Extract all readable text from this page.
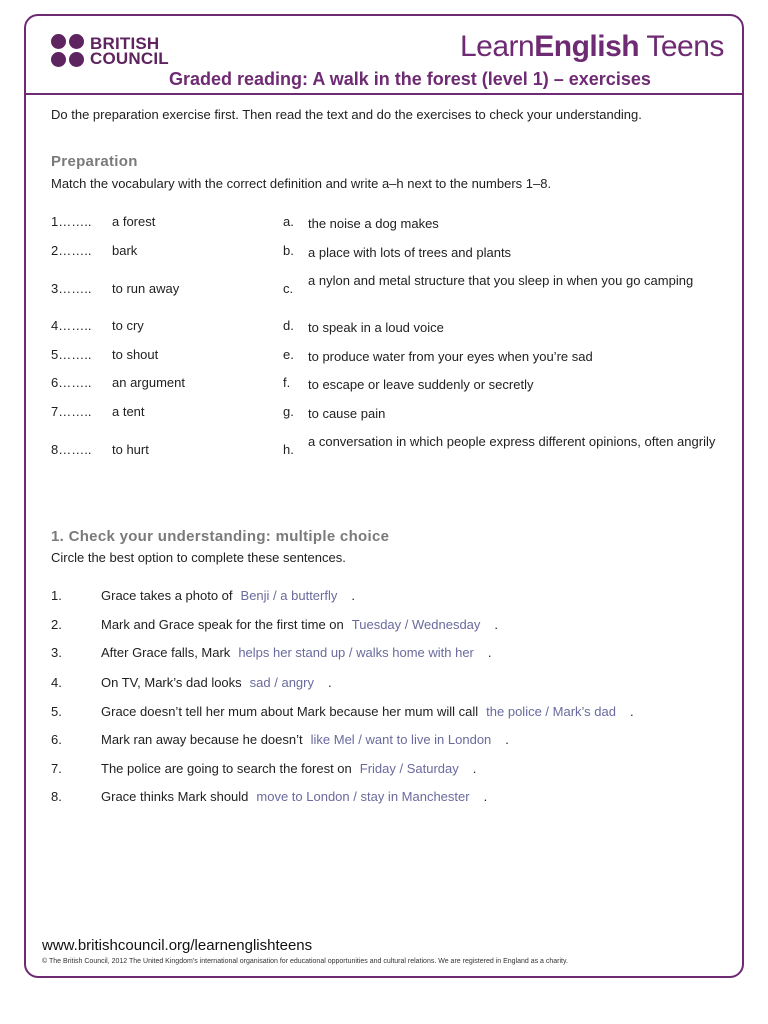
BRITISH
COUNCIL	LearnEnglish Teens
Graded reading: A walk in the forest (level 1) – exercises
Do the preparation exercise first. Then read the text and do the exercises to check your understanding.
Preparation
Match the vocabulary with the correct definition and write a–h next to the numbers 1–8.
1…….. a forest	a. the noise a dog makes
2…….. bark	b. a place with lots of trees and plants
3…….. to run away	c.
a nylon and metal structure that you sleep in when you go camping
4…….. to cry	d. to speak in a loud voice
5…….. to shout	e. to produce water from your eyes when you’re sad
6…….. an argument	f. to escape or leave suddenly or secretly
7…….. a tent	g. to cause pain
8…….. to hurt	h.
a conversation in which people express different opinions, often angrily
1. Check your understanding: multiple choice
Circle the best option to complete these sentences.
1.	Grace takes a photo of Benji / a butterfly .
2.	Mark and Grace speak for the first time on Tuesday / Wednesday .
3.	After Grace falls, Mark helps her stand up / walks home with her .
4.	On TV, Mark’s dad looks sad / angry .
5.	Grace doesn’t tell her mum about Mark because her mum will call the police / Mark’s dad .
6.	Mark ran away because he doesn’t like Mel / want to live in London .
7.	The police are going to search the forest on Friday / Saturday .
8.	Grace thinks Mark should move to London / stay in Manchester .
www.britishcouncil.org/learnenglishteens
© The British Council, 2012 The United Kingdom’s international organisation for educational opportunities and cultural relations. We are registered in England as a charity.
